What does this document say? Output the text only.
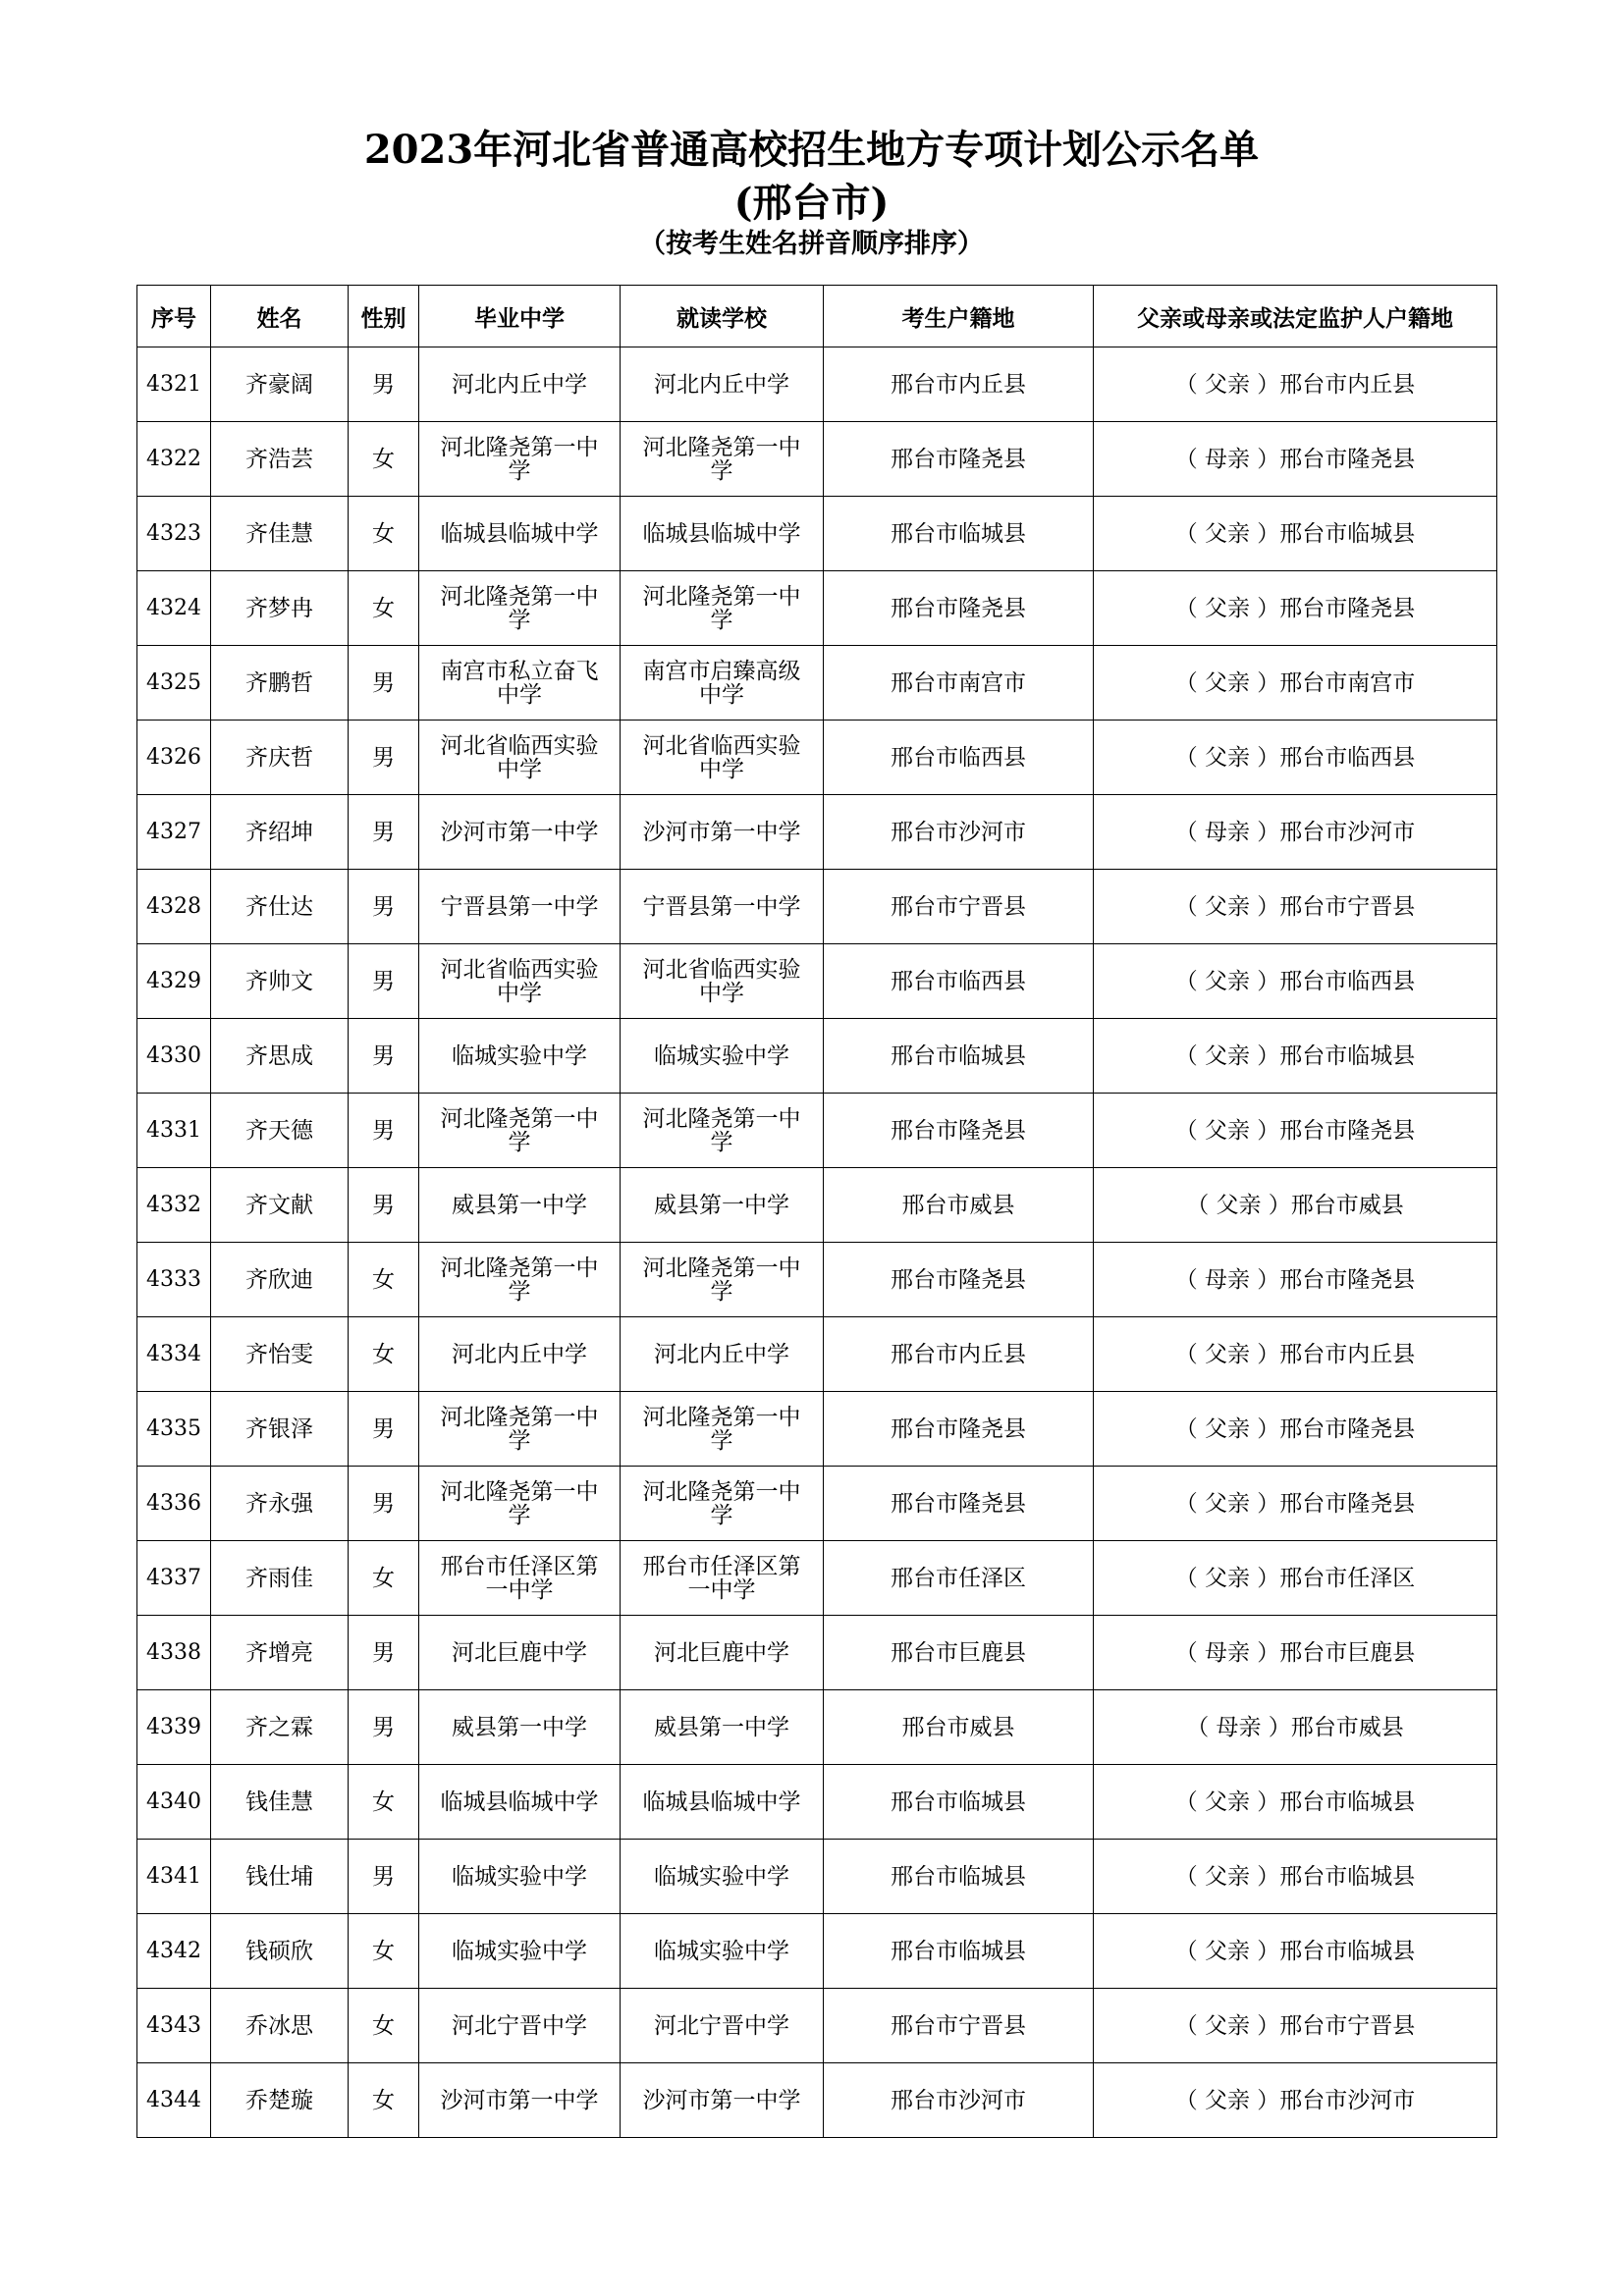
2023年河北省普通高校招生地方专项计划公示名单
(邢台市)
（按考生姓名拼音顺序排序）
序号	姓名	性别	毕业中学	就读学校	考生户籍地	父亲或母亲或法定监护人户籍地
4321	齐豪阔	男	河北内丘中学	河北内丘中学	邢台市内丘县	（ 父亲 ）邢台市内丘县
4322	齐浩芸	女	河北隆尧第一中学	河北隆尧第一中学	邢台市隆尧县	（ 母亲 ）邢台市隆尧县
4323	齐佳慧	女	临城县临城中学	临城县临城中学	邢台市临城县	（ 父亲 ）邢台市临城县
4324	齐梦冉	女	河北隆尧第一中学	河北隆尧第一中学	邢台市隆尧县	（ 父亲 ）邢台市隆尧县
4325	齐鹏哲	男	南宫市私立奋飞中学	南宫市启臻高级中学	邢台市南宫市	（ 父亲 ）邢台市南宫市
4326	齐庆哲	男	河北省临西实验中学	河北省临西实验中学	邢台市临西县	（ 父亲 ）邢台市临西县
4327	齐绍坤	男	沙河市第一中学	沙河市第一中学	邢台市沙河市	（ 母亲 ）邢台市沙河市
4328	齐仕达	男	宁晋县第一中学	宁晋县第一中学	邢台市宁晋县	（ 父亲 ）邢台市宁晋县
4329	齐帅文	男	河北省临西实验中学	河北省临西实验中学	邢台市临西县	（ 父亲 ）邢台市临西县
4330	齐思成	男	临城实验中学	临城实验中学	邢台市临城县	（ 父亲 ）邢台市临城县
4331	齐天德	男	河北隆尧第一中学	河北隆尧第一中学	邢台市隆尧县	（ 父亲 ）邢台市隆尧县
4332	齐文献	男	威县第一中学	威县第一中学	邢台市威县	（ 父亲 ）邢台市威县
4333	齐欣迪	女	河北隆尧第一中学	河北隆尧第一中学	邢台市隆尧县	（ 母亲 ）邢台市隆尧县
4334	齐怡雯	女	河北内丘中学	河北内丘中学	邢台市内丘县	（ 父亲 ）邢台市内丘县
4335	齐银泽	男	河北隆尧第一中学	河北隆尧第一中学	邢台市隆尧县	（ 父亲 ）邢台市隆尧县
4336	齐永强	男	河北隆尧第一中学	河北隆尧第一中学	邢台市隆尧县	（ 父亲 ）邢台市隆尧县
4337	齐雨佳	女	邢台市任泽区第一中学	邢台市任泽区第一中学	邢台市任泽区	（ 父亲 ）邢台市任泽区
4338	齐增亮	男	河北巨鹿中学	河北巨鹿中学	邢台市巨鹿县	（ 母亲 ）邢台市巨鹿县
4339	齐之霖	男	威县第一中学	威县第一中学	邢台市威县	（ 母亲 ）邢台市威县
4340	钱佳慧	女	临城县临城中学	临城县临城中学	邢台市临城县	（ 父亲 ）邢台市临城县
4341	钱仕埔	男	临城实验中学	临城实验中学	邢台市临城县	（ 父亲 ）邢台市临城县
4342	钱硕欣	女	临城实验中学	临城实验中学	邢台市临城县	（ 父亲 ）邢台市临城县
4343	乔冰思	女	河北宁晋中学	河北宁晋中学	邢台市宁晋县	（ 父亲 ）邢台市宁晋县
4344	乔楚璇	女	沙河市第一中学	沙河市第一中学	邢台市沙河市	（ 父亲 ）邢台市沙河市
